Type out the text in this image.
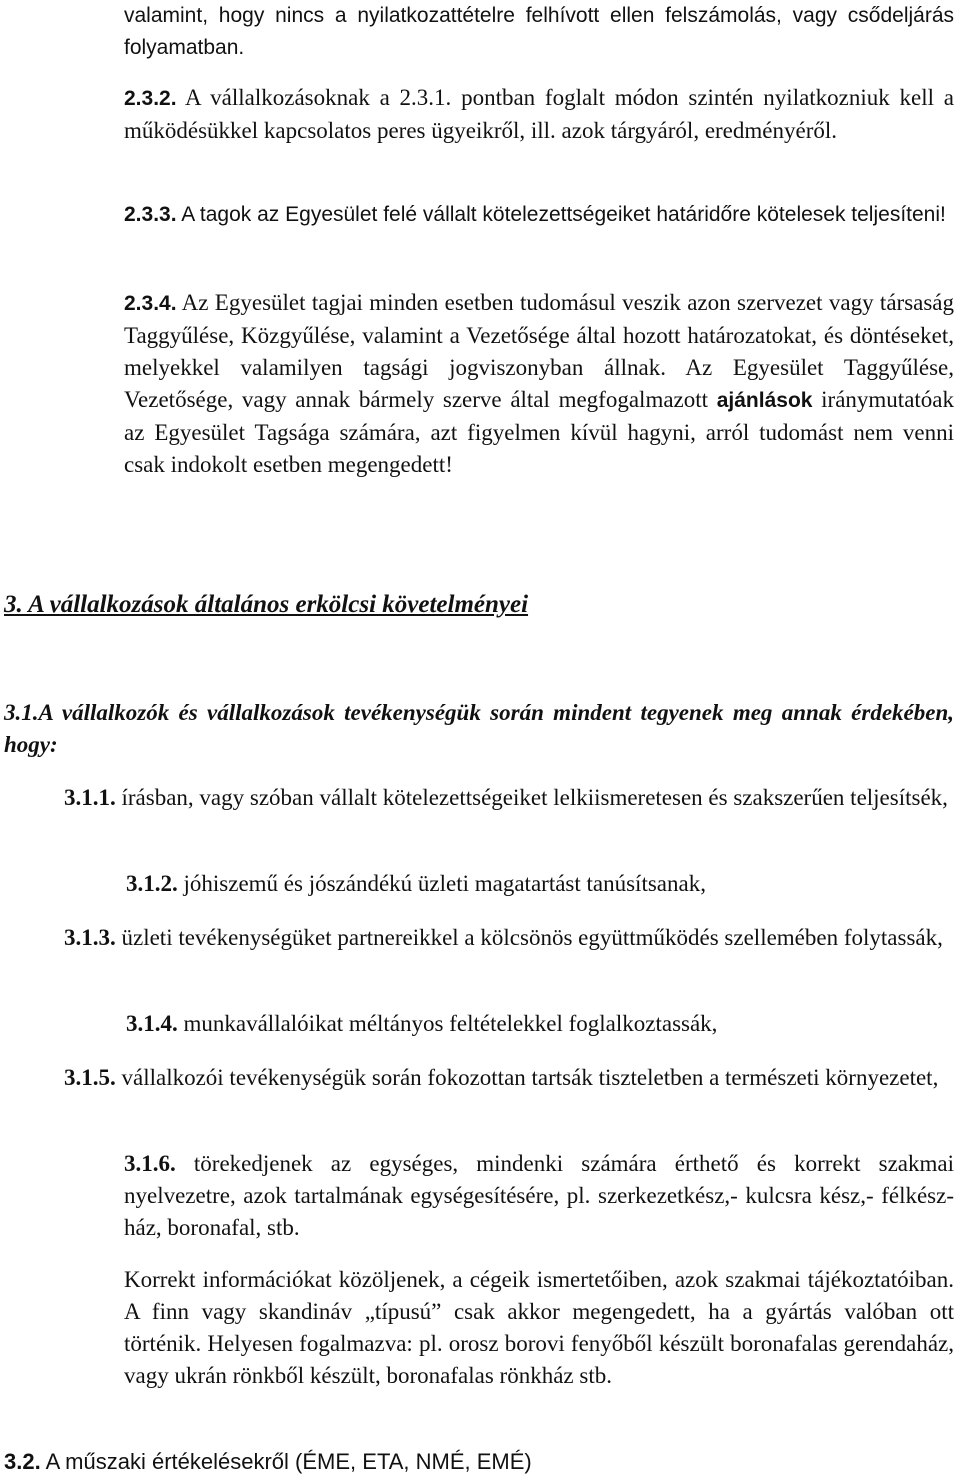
valamint, hogy nincs a nyilatkozattételre felhívott ellen felszámolás, vagy csődeljárás folyamatban.

2.3.2. A vállalkozásoknak a 2.3.1. pontban foglalt módon szintén nyilatkozniuk kell a működésükkel kapcsolatos peres ügyeikről, ill. azok tárgyáról, eredményéről.

2.3.3. A tagok az Egyesület felé vállalt kötelezettségeiket határidőre kötelesek teljesíteni!

2.3.4. Az Egyesület tagjai minden esetben tudomásul veszik azon szervezet vagy társaság Taggyűlése, Közgyűlése, valamint a Vezetősége által hozott határozatokat, és döntéseket, melyekkel valamilyen tagsági jogviszonyban állnak. Az Egyesület Taggyűlése, Vezetősége, vagy annak bármely szerve által megfogalmazott ajánlások iránymutatóak az Egyesület Tagsága számára, azt figyelmen kívül hagyni, arról tudomást nem venni csak indokolt esetben megengedett!

3. A vállalkozások általános erkölcsi követelményei

3.1.A vállalkozók és vállalkozások tevékenységük során mindent tegyenek meg annak érdekében, hogy:

3.1.1. írásban, vagy szóban vállalt kötelezettségeiket lelkiismeretesen és szakszerűen teljesítsék,

3.1.2. jóhiszemű és jószándékú üzleti magatartást tanúsítsanak,

3.1.3. üzleti tevékenységüket partnereikkel a kölcsönös együttműködés szellemében folytassák,

3.1.4. munkavállalóikat méltányos feltételekkel foglalkoztassák,

3.1.5. vállalkozói tevékenységük során fokozottan tartsák tiszteletben a természeti környezetet,

3.1.6. törekedjenek az egységes, mindenki számára érthető és korrekt szakmai nyelvezetre, azok tartalmának egységesítésére, pl. szerkezetkész,- kulcsra kész,- félkész- ház, boronafal, stb.

Korrekt információkat közöljenek, a cégeik ismertetőiben, azok szakmai tájékoztatóiban. A finn vagy skandináv „típusú” csak akkor megengedett, ha a gyártás valóban ott történik. Helyesen fogalmazva: pl. orosz borovi fenyőből készült boronafalas gerendaház, vagy ukrán rönkből készült, boronafalas rönkház stb.

3.2. A műszaki értékelésekről (ÉME, ETA, NMÉ, EMÉ)
